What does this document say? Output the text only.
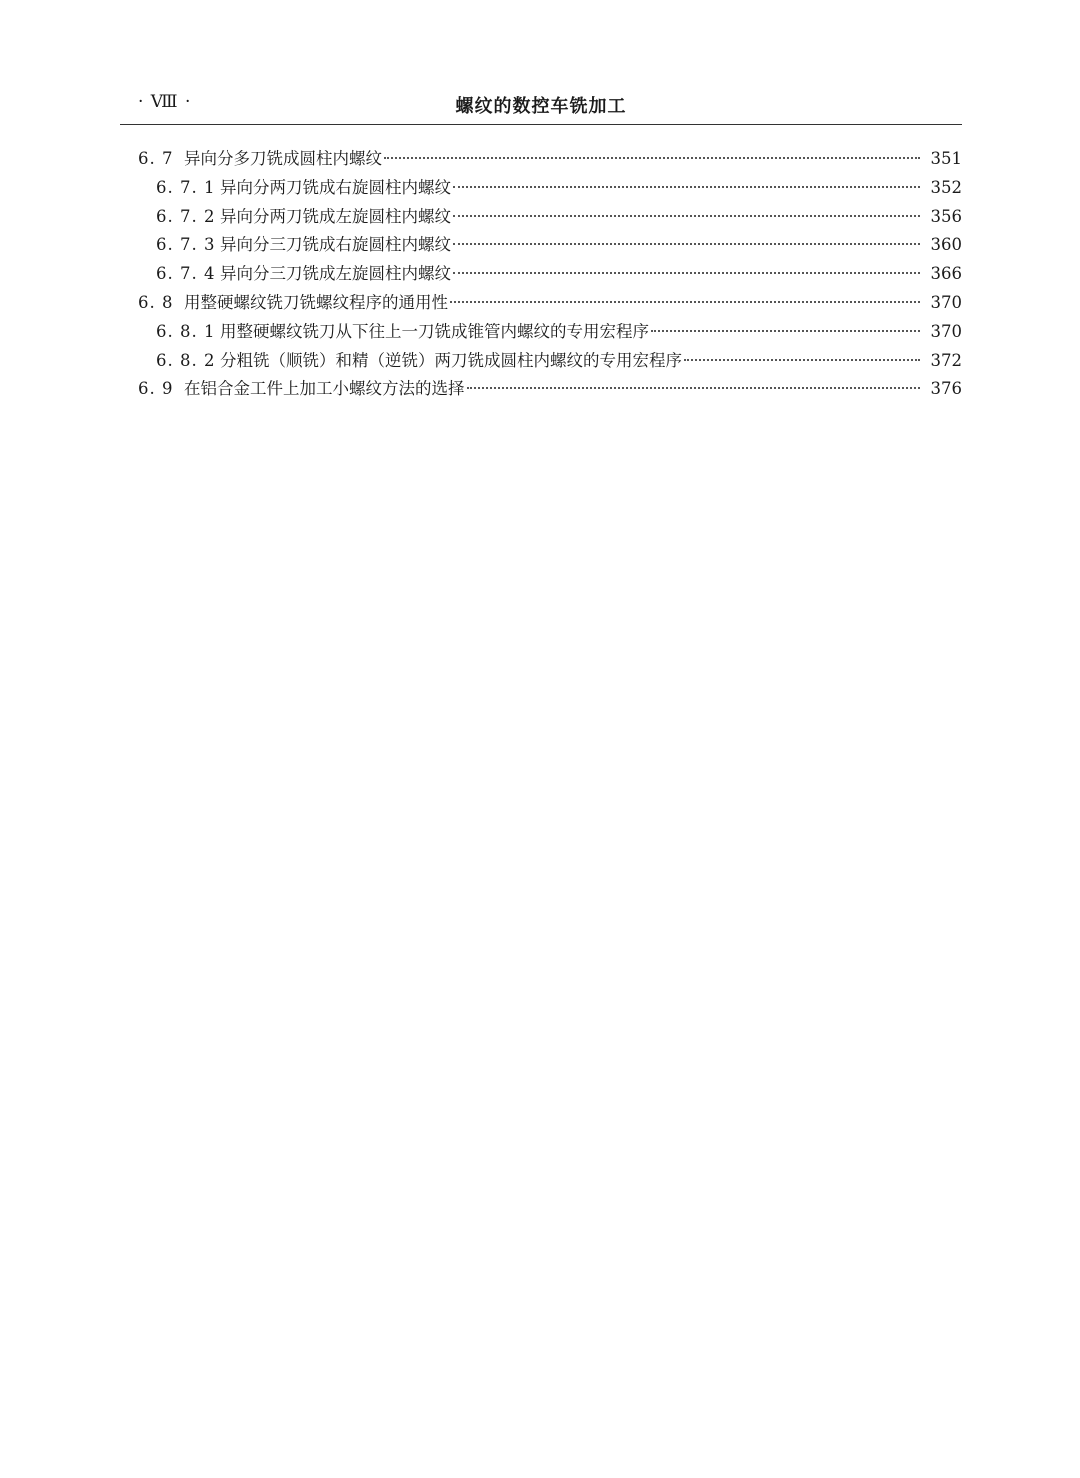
· Ⅷ ·	螺纹的数控车铣加工
6. 7 异向分多刀铣成圆柱内螺纹	351
6. 7. 1 异向分两刀铣成右旋圆柱内螺纹	352
6. 7. 2 异向分两刀铣成左旋圆柱内螺纹	356
6. 7. 3 异向分三刀铣成右旋圆柱内螺纹	360
6. 7. 4 异向分三刀铣成左旋圆柱内螺纹	366
6. 8 用整硬螺纹铣刀铣螺纹程序的通用性	370
6. 8. 1 用整硬螺纹铣刀从下往上一刀铣成锥管内螺纹的专用宏程序	370
6. 8. 2 分粗铣（顺铣）和精（逆铣）两刀铣成圆柱内螺纹的专用宏程序	372
6. 9 在铝合金工件上加工小螺纹方法的选择	376
